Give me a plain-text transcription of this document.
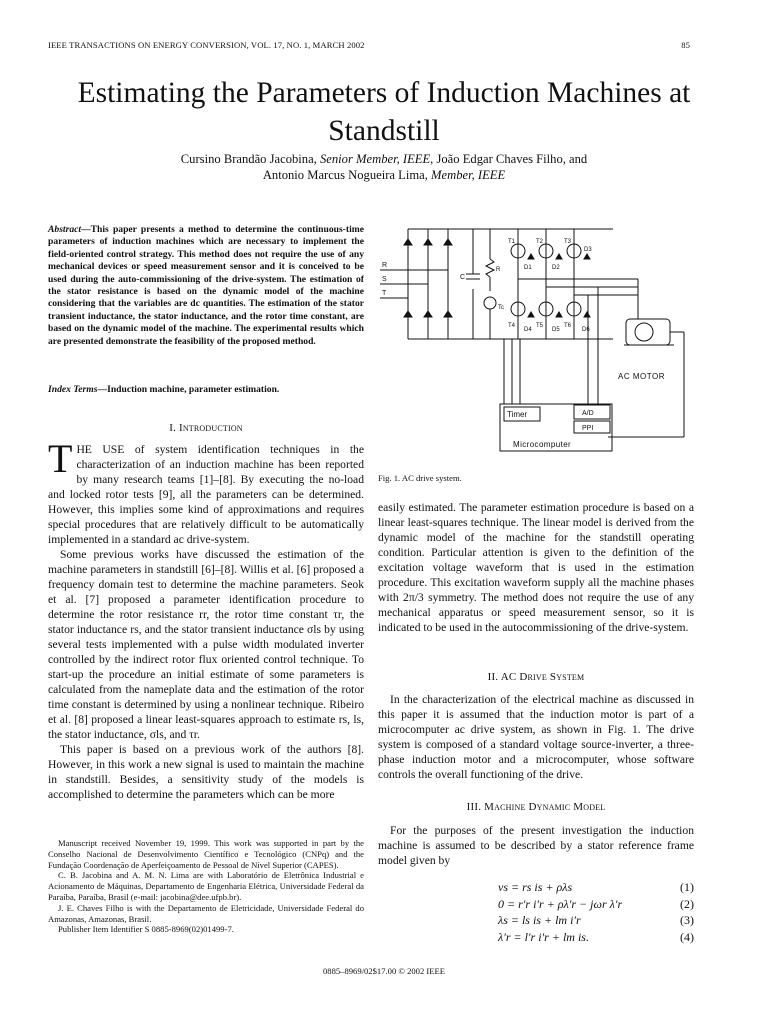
IEEE TRANSACTIONS ON ENERGY CONVERSION, VOL. 17, NO. 1, MARCH 2002	85
Estimating the Parameters of Induction Machines at Standstill
Cursino Brandão Jacobina, Senior Member, IEEE, João Edgar Chaves Filho, and
Antonio Marcus Nogueira Lima, Member, IEEE
Abstract—This paper presents a method to determine the continuous-time parameters of induction machines which are necessary to implement the field-oriented control strategy. This method does not require the use of any mechanical devices or speed measurement sensor and it is conceived to be used during the auto-commissioning of the drive-system. The estimation of the stator resistance is based on the dynamic model of the machine considering that the variables are dc quantities. The estimation of the stator transient inductance, the stator inductance, and the rotor time constant, are based on the dynamic model of the machine. The experimental results which are presented demonstrate the feasibility of the proposed method.
Index Terms—Induction machine, parameter estimation.
I. Introduction

THE USE of system identification techniques in the characterization of an induction machine has been reported by many research teams [1]–[8]. By executing the no-load and locked rotor tests [9], all the parameters can be determined. However, this implies some kind of approximations and requires special procedures that are relatively difficult to be automatically implemented in a standard ac drive-system.

Some previous works have discussed the estimation of the machine parameters in standstill [6]–[8]. Willis et al. [6] proposed a frequency domain test to determine the machine parameters. Seok et al. [7] proposed a parameter identification procedure to determine the rotor resistance rr, the rotor time constant τr, the stator inductance rs, and the stator transient inductance σls by using several tests implemented with a pulse width modulated inverter controlled by the indirect rotor flux oriented control technique. To start-up the procedure an initial estimate of some parameters is calculated from the nameplate data and the estimation of the rotor time constant is determined by using a nonlinear technique. Ribeiro et al. [8] proposed a linear least-squares approach to estimate rs, ls, the stator inductance, σls, and τr.

This paper is based on a previous work of the authors [8]. However, in this work a new signal is used to maintain the machine in standstill. Besides, a sensitivity study of the models is accomplished to determine the parameters which can be more

Manuscript received November 19, 1999. This work was supported in part by the Conselho Nacional de Desenvolvimento Científico e Tecnológico (CNPq) and the Fundação Coordenação de Aperfeiçoamento de Pessoal de Nível Superior (CAPES).

C. B. Jacobina and A. M. N. Lima are with Laboratório de Eletrônica Industrial e Acionamento de Máquinas, Departamento de Engenharia Elétrica, Universidade Federal da Paraíba, Paraíba, Brasil (e-mail: jacobina@dee.ufpb.br).

J. E. Chaves Filho is with the Departamento de Eletricidade, Universidade Federal do Amazonas, Amazonas, Brasil.

Publisher Item Identifier S 0885-8969(02)01499-7.

R
S
T
C
R
Tc
T1	T2	T3
D1	D2
D3
T4	T5	T6
D4	D5	D6
AC MOTOR
Timer	A/D
PPI
Microcomputer
Fig. 1. AC drive system.

easily estimated. The parameter estimation procedure is based on a linear least-squares technique. The linear model is derived from the dynamic model of the machine for the standstill operating condition. Particular attention is given to the definition of the excitation voltage waveform that is used in the estimation procedure. This excitation waveform supply all the machine phases with 2π/3 symmetry. The method does not require the use of any mechanical apparatus or speed measurement sensor, so it is indicated to be used in the autocommissioning of the drive-system.

II. AC Drive System

In the characterization of the electrical machine as discussed in this paper it is assumed that the induction motor is part of a microcomputer ac drive system, as shown in Fig. 1. The drive system is composed of a standard voltage source-inverter, a three-phase induction motor and a microcomputer, whose software controls the overall functioning of the drive.

III. Machine Dynamic Model

For the purposes of the present investigation the induction machine is assumed to be described by a stator reference frame model given by

vs = rs is + ρλs	(1)
0 = r′r i′r + ρλ′r − jωr λ′r	(2)
λs = ls is + lm i′r	(3)
λ′r = l′r i′r + lm is.	(4)
0885–8969/02$17.00 © 2002 IEEE
